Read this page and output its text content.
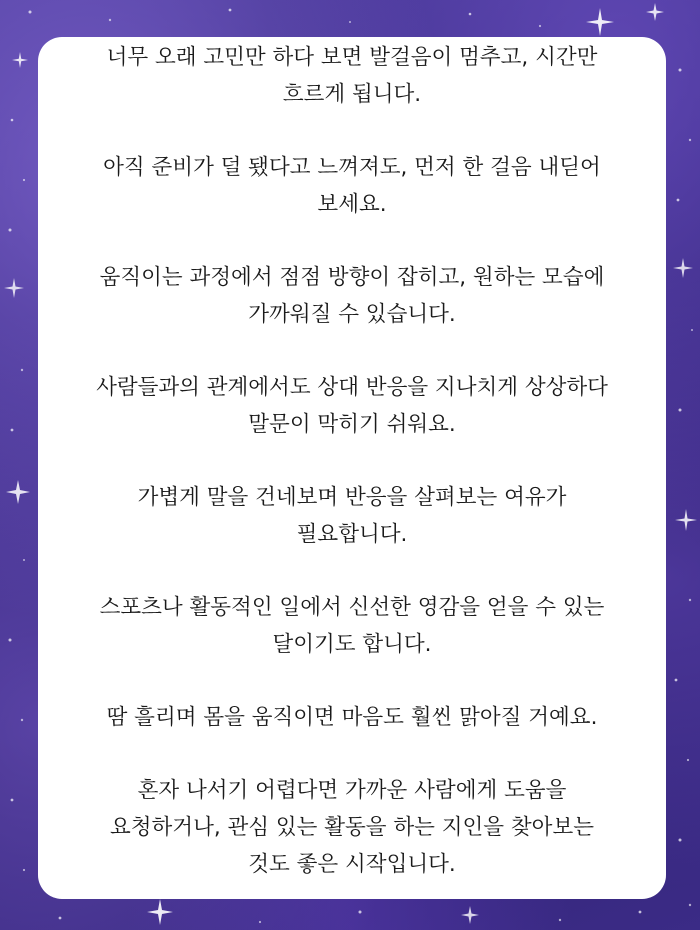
너무 오래 고민만 하다 보면 발걸음이 멈추고, 시간만
흐르게 됩니다.

아직 준비가 덜 됐다고 느껴져도, 먼저 한 걸음 내딛어
보세요.

움직이는 과정에서 점점 방향이 잡히고, 원하는 모습에
가까워질 수 있습니다.

사람들과의 관계에서도 상대 반응을 지나치게 상상하다
말문이 막히기 쉬워요.

가볍게 말을 건네보며 반응을 살펴보는 여유가
필요합니다.

스포츠나 활동적인 일에서 신선한 영감을 얻을 수 있는
달이기도 합니다.

땀 흘리며 몸을 움직이면 마음도 훨씬 맑아질 거예요.

혼자 나서기 어렵다면 가까운 사람에게 도움을
요청하거나, 관심 있는 활동을 하는 지인을 찾아보는
것도 좋은 시작입니다.
